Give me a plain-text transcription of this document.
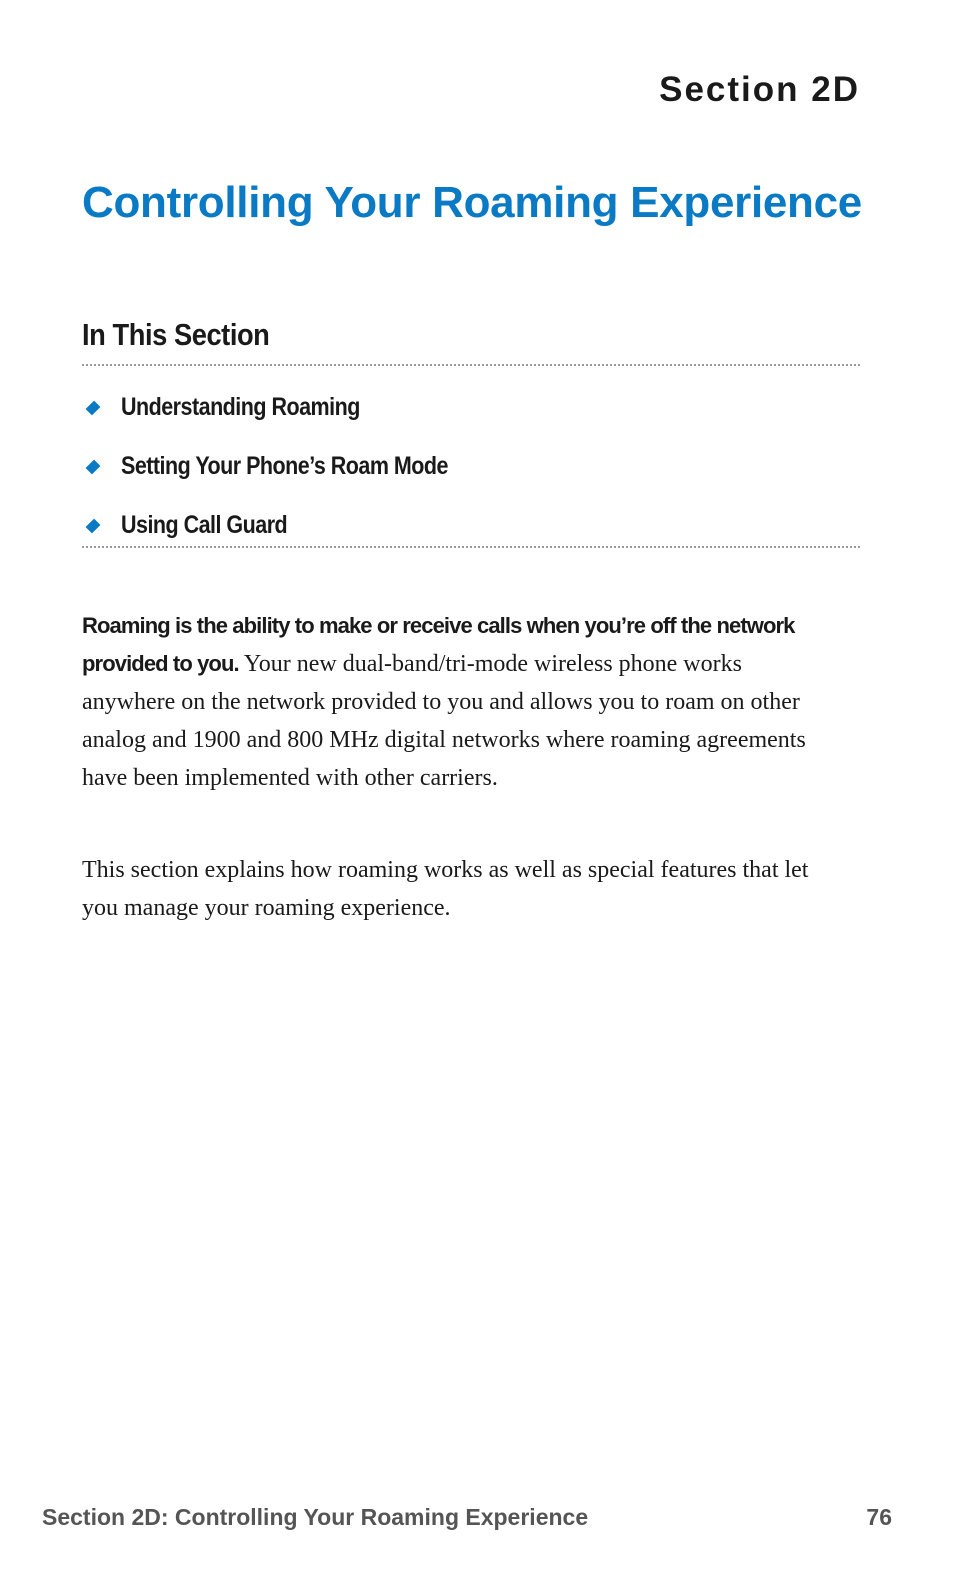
Section 2D
Controlling Your Roaming Experience
In This Section
Understanding Roaming
Setting Your Phone’s Roam Mode
Using Call Guard

Roaming is the ability to make or receive calls when you’re off the network provided to you. Your new dual-band/tri-mode wireless phone works anywhere on the network provided to you and allows you to roam on other analog and 1900 and 800 MHz digital networks where roaming agreements have been implemented with other carriers.

This section explains how roaming works as well as special features that let you manage your roaming experience.

Section 2D: Controlling Your Roaming Experience	76
